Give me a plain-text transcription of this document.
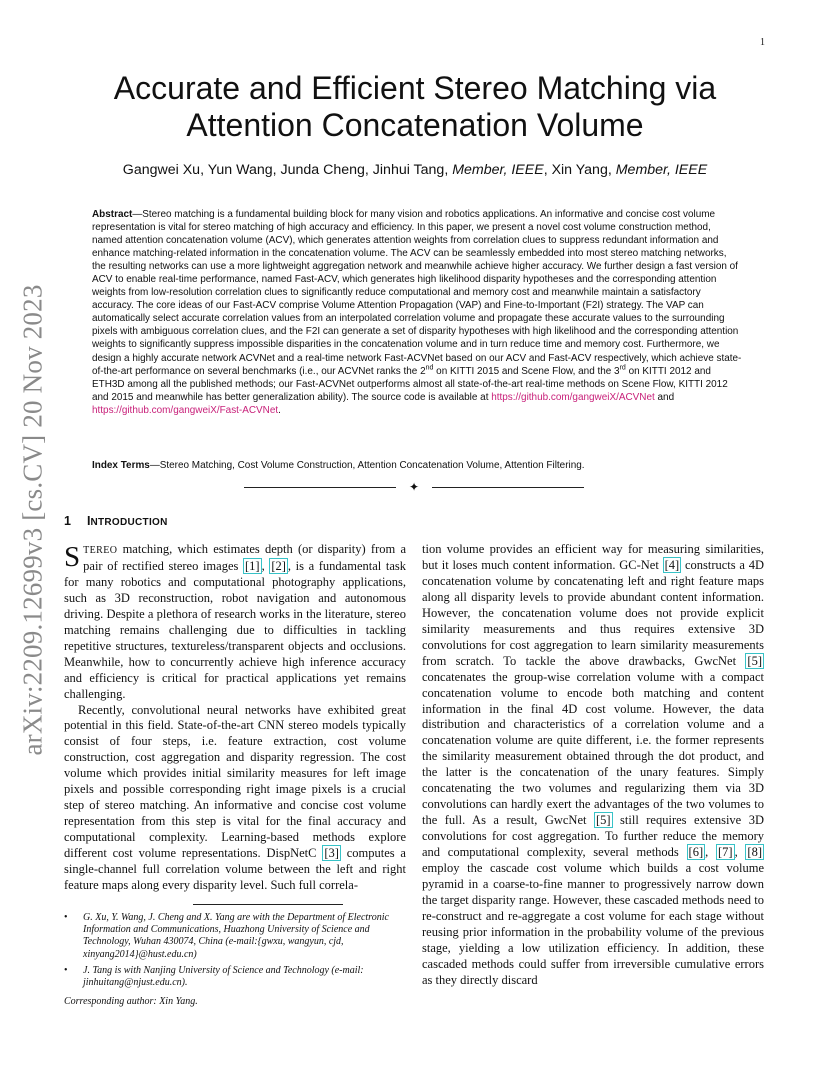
1
arXiv:2209.12699v3 [cs.CV] 20 Nov 2023
Accurate and Efficient Stereo Matching via
Attention Concatenation Volume
Gangwei Xu, Yun Wang, Junda Cheng, Jinhui Tang, Member, IEEE, Xin Yang, Member, IEEE
Abstract—Stereo matching is a fundamental building block for many vision and robotics applications. An informative and concise cost volume representation is vital for stereo matching of high accuracy and efficiency. In this paper, we present a novel cost volume construction method, named attention concatenation volume (ACV), which generates attention weights from correlation clues to suppress redundant information and enhance matching-related information in the concatenation volume. The ACV can be seamlessly embedded into most stereo matching networks, the resulting networks can use a more lightweight aggregation network and meanwhile achieve higher accuracy. We further design a fast version of ACV to enable real-time performance, named Fast-ACV, which generates high likelihood disparity hypotheses and the corresponding attention weights from low-resolution correlation clues to significantly reduce computational and memory cost and meanwhile maintain a satisfactory accuracy. The core ideas of our Fast-ACV comprise Volume Attention Propagation (VAP) and Fine-to-Important (F2I) strategy. The VAP can automatically select accurate correlation values from an interpolated correlation volume and propagate these accurate values to the surrounding pixels with ambiguous correlation clues, and the F2I can generate a set of disparity hypotheses with high likelihood and the corresponding attention weights to significantly suppress impossible disparities in the concatenation volume and in turn reduce time and memory cost. Furthermore, we design a highly accurate network ACVNet and a real-time network Fast-ACVNet based on our ACV and Fast-ACV respectively, which achieve state-of-the-art performance on several benchmarks (i.e., our ACVNet ranks the 2nd on KITTI 2015 and Scene Flow, and the 3rd on KITTI 2012 and ETH3D among all the published methods; our Fast-ACVNet outperforms almost all state-of-the-art real-time methods on Scene Flow, KITTI 2012 and 2015 and meanwhile has better generalization ability). The source code is available at https://github.com/gangweiX/ACVNet and https://github.com/gangweiX/Fast-ACVNet.
Index Terms—Stereo Matching, Cost Volume Construction, Attention Concatenation Volume, Attention Filtering.
✦
1 INTRODUCTION

STEREO matching, which estimates depth (or disparity) from a pair of rectified stereo images [1] , [2] , is a fundamental task for many robotics and computational photography applications, such as 3D reconstruction, robot navigation and autonomous driving. Despite a plethora of research works in the literature, stereo matching remains challenging due to difficulties in tackling repetitive structures, textureless/transparent objects and occlusions. Meanwhile, how to concurrently achieve high inference accuracy and efficiency is critical for practical applications yet remains challenging.

Recently, convolutional neural networks have exhibited great potential in this field. State-of-the-art CNN stereo models typically consist of four steps, i.e. feature extraction, cost volume construction, cost aggregation and disparity regression. The cost volume which provides initial similarity measures for left image pixels and possible corresponding right image pixels is a crucial step of stereo matching. An informative and concise cost volume representation from this step is vital for the final accuracy and computational complexity. Learning-based methods explore different cost volume representations. DispNetC [3] computes a single-channel full correlation volume between the left and right feature maps along every disparity level. Such full correla-

tion volume provides an efficient way for measuring similarities, but it loses much content information. GC-Net [4] constructs a 4D concatenation volume by concatenating left and right feature maps along all disparity levels to provide abundant content information. However, the concatenation volume does not provide explicit similarity measurements and thus requires extensive 3D convolutions for cost aggregation to learn similarity measurements from scratch. To tackle the above drawbacks, GwcNet [5] concatenates the group-wise correlation volume with a compact concatenation volume to encode both matching and content information in the final 4D cost volume. However, the data distribution and characteristics of a correlation volume and a concatenation volume are quite different, i.e. the former represents the similarity measurement obtained through the dot product, and the latter is the concatenation of the unary features. Simply concatenating the two volumes and regularizing them via 3D convolutions can hardly exert the advantages of the two volumes to the full. As a result, GwcNet [5] still requires extensive 3D convolutions for cost aggregation. To further reduce the memory and computational complexity, several methods [6] , [7] , [8] employ the cascade cost volume which builds a cost volume pyramid in a coarse-to-fine manner to progressively narrow down the target disparity range. However, these cascaded methods need to re-construct and re-aggregate a cost volume for each stage without reusing prior information in the probability volume of the previous stage, yielding a low utilization efficiency. In addition, these cascaded methods could suffer from irreversible cumulative errors as they directly discard

• G. Xu, Y. Wang, J. Cheng and X. Yang are with the Department of Electronic Information and Communications, Huazhong University of Science and Technology, Wuhan 430074, China (e-mail:{gwxu, wangyun, cjd, xinyang2014}@hust.edu.cn)
• J. Tang is with Nanjing University of Science and Technology (e-mail: jinhuitang@njust.edu.cn).
Corresponding author: Xin Yang.
